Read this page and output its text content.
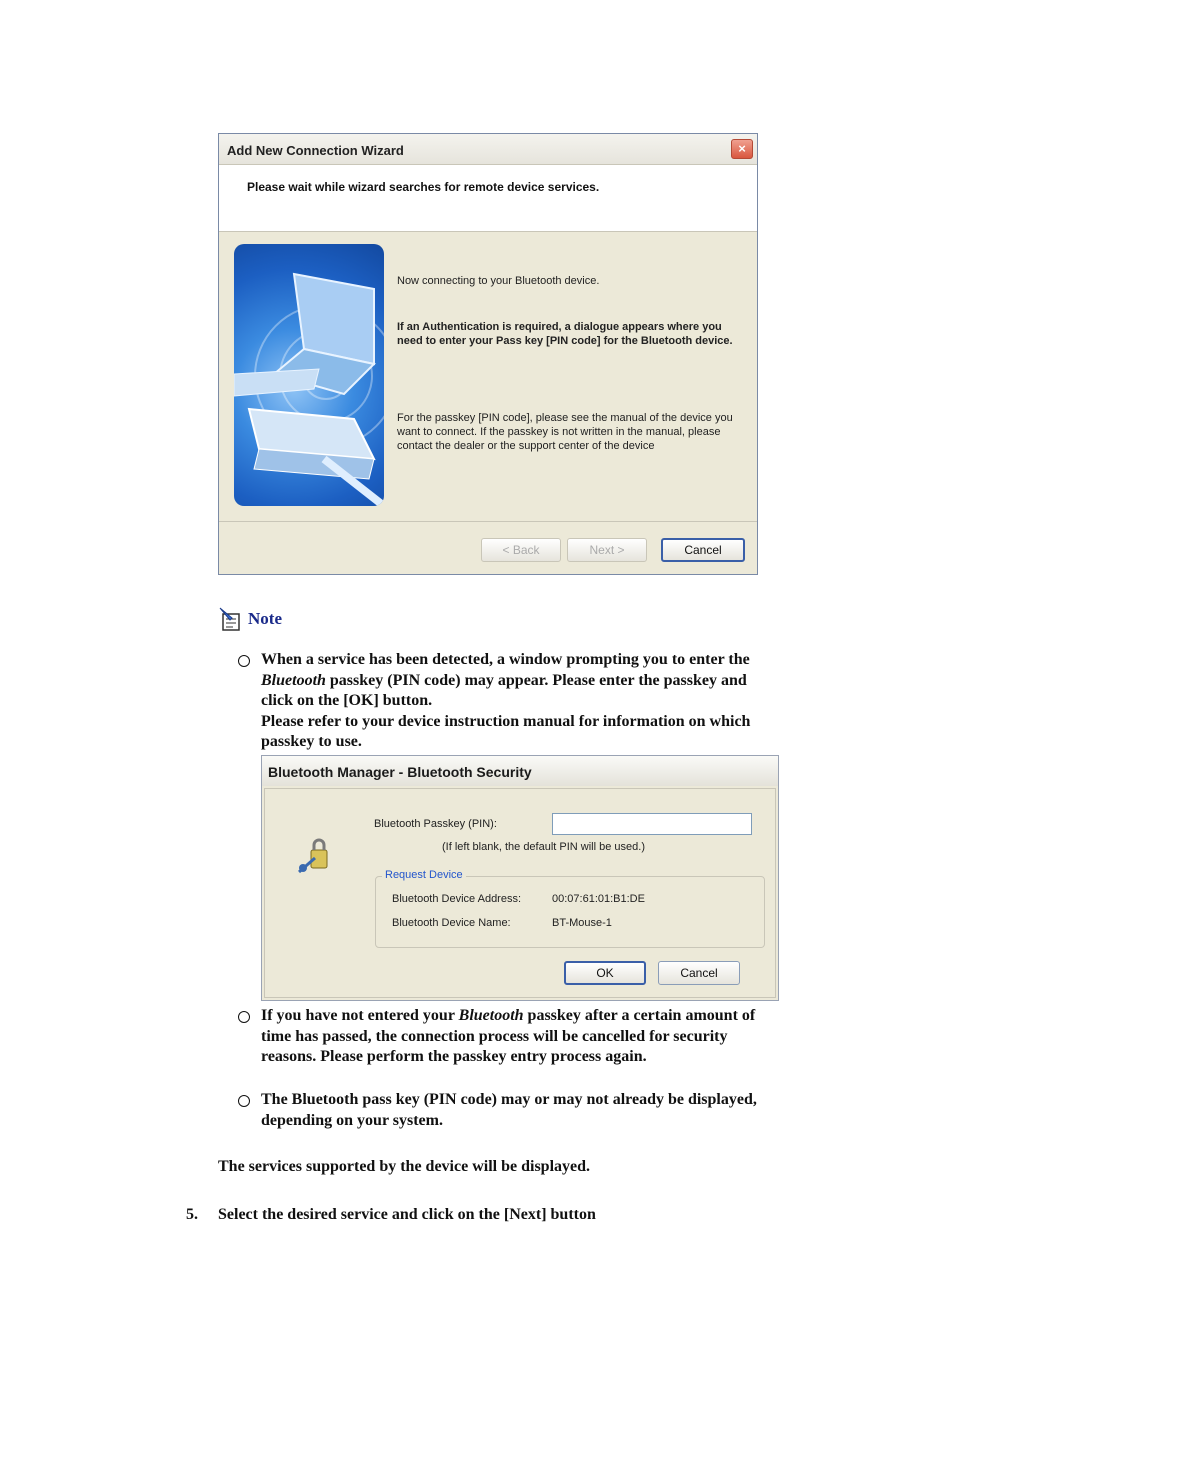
Add New Connection Wizard	×
Please wait while wizard searches for remote device services.
Now connecting to your Bluetooth device.
If an Authentication is required, a dialogue appears where you need to enter your Pass key [PIN code] for the Bluetooth device.
For the passkey [PIN code], please see the manual of the device you want to connect. If the passkey is not written in the manual, please contact the dealer or the support center of the device
< Back	Next >	Cancel
Note
When a service has been detected, a window prompting you to enter the
Bluetooth passkey (PIN code) may appear. Please enter the passkey and
click on the [OK] button.
Please refer to your device instruction manual for information on which
passkey to use.
Bluetooth Manager - Bluetooth Security
Bluetooth Passkey (PIN):
(If left blank, the default PIN will be used.)
Request Device
Bluetooth Device Address:	00:07:61:01:B1:DE
Bluetooth Device Name:	BT-Mouse-1
OK	Cancel
If you have not entered your Bluetooth passkey after a certain amount of
time has passed, the connection process will be cancelled for security
reasons. Please perform the passkey entry process again.
The Bluetooth pass key (PIN code) may or may not already be displayed,
depending on your system.
The services supported by the device will be displayed.
5. Select the desired service and click on the [Next] button
